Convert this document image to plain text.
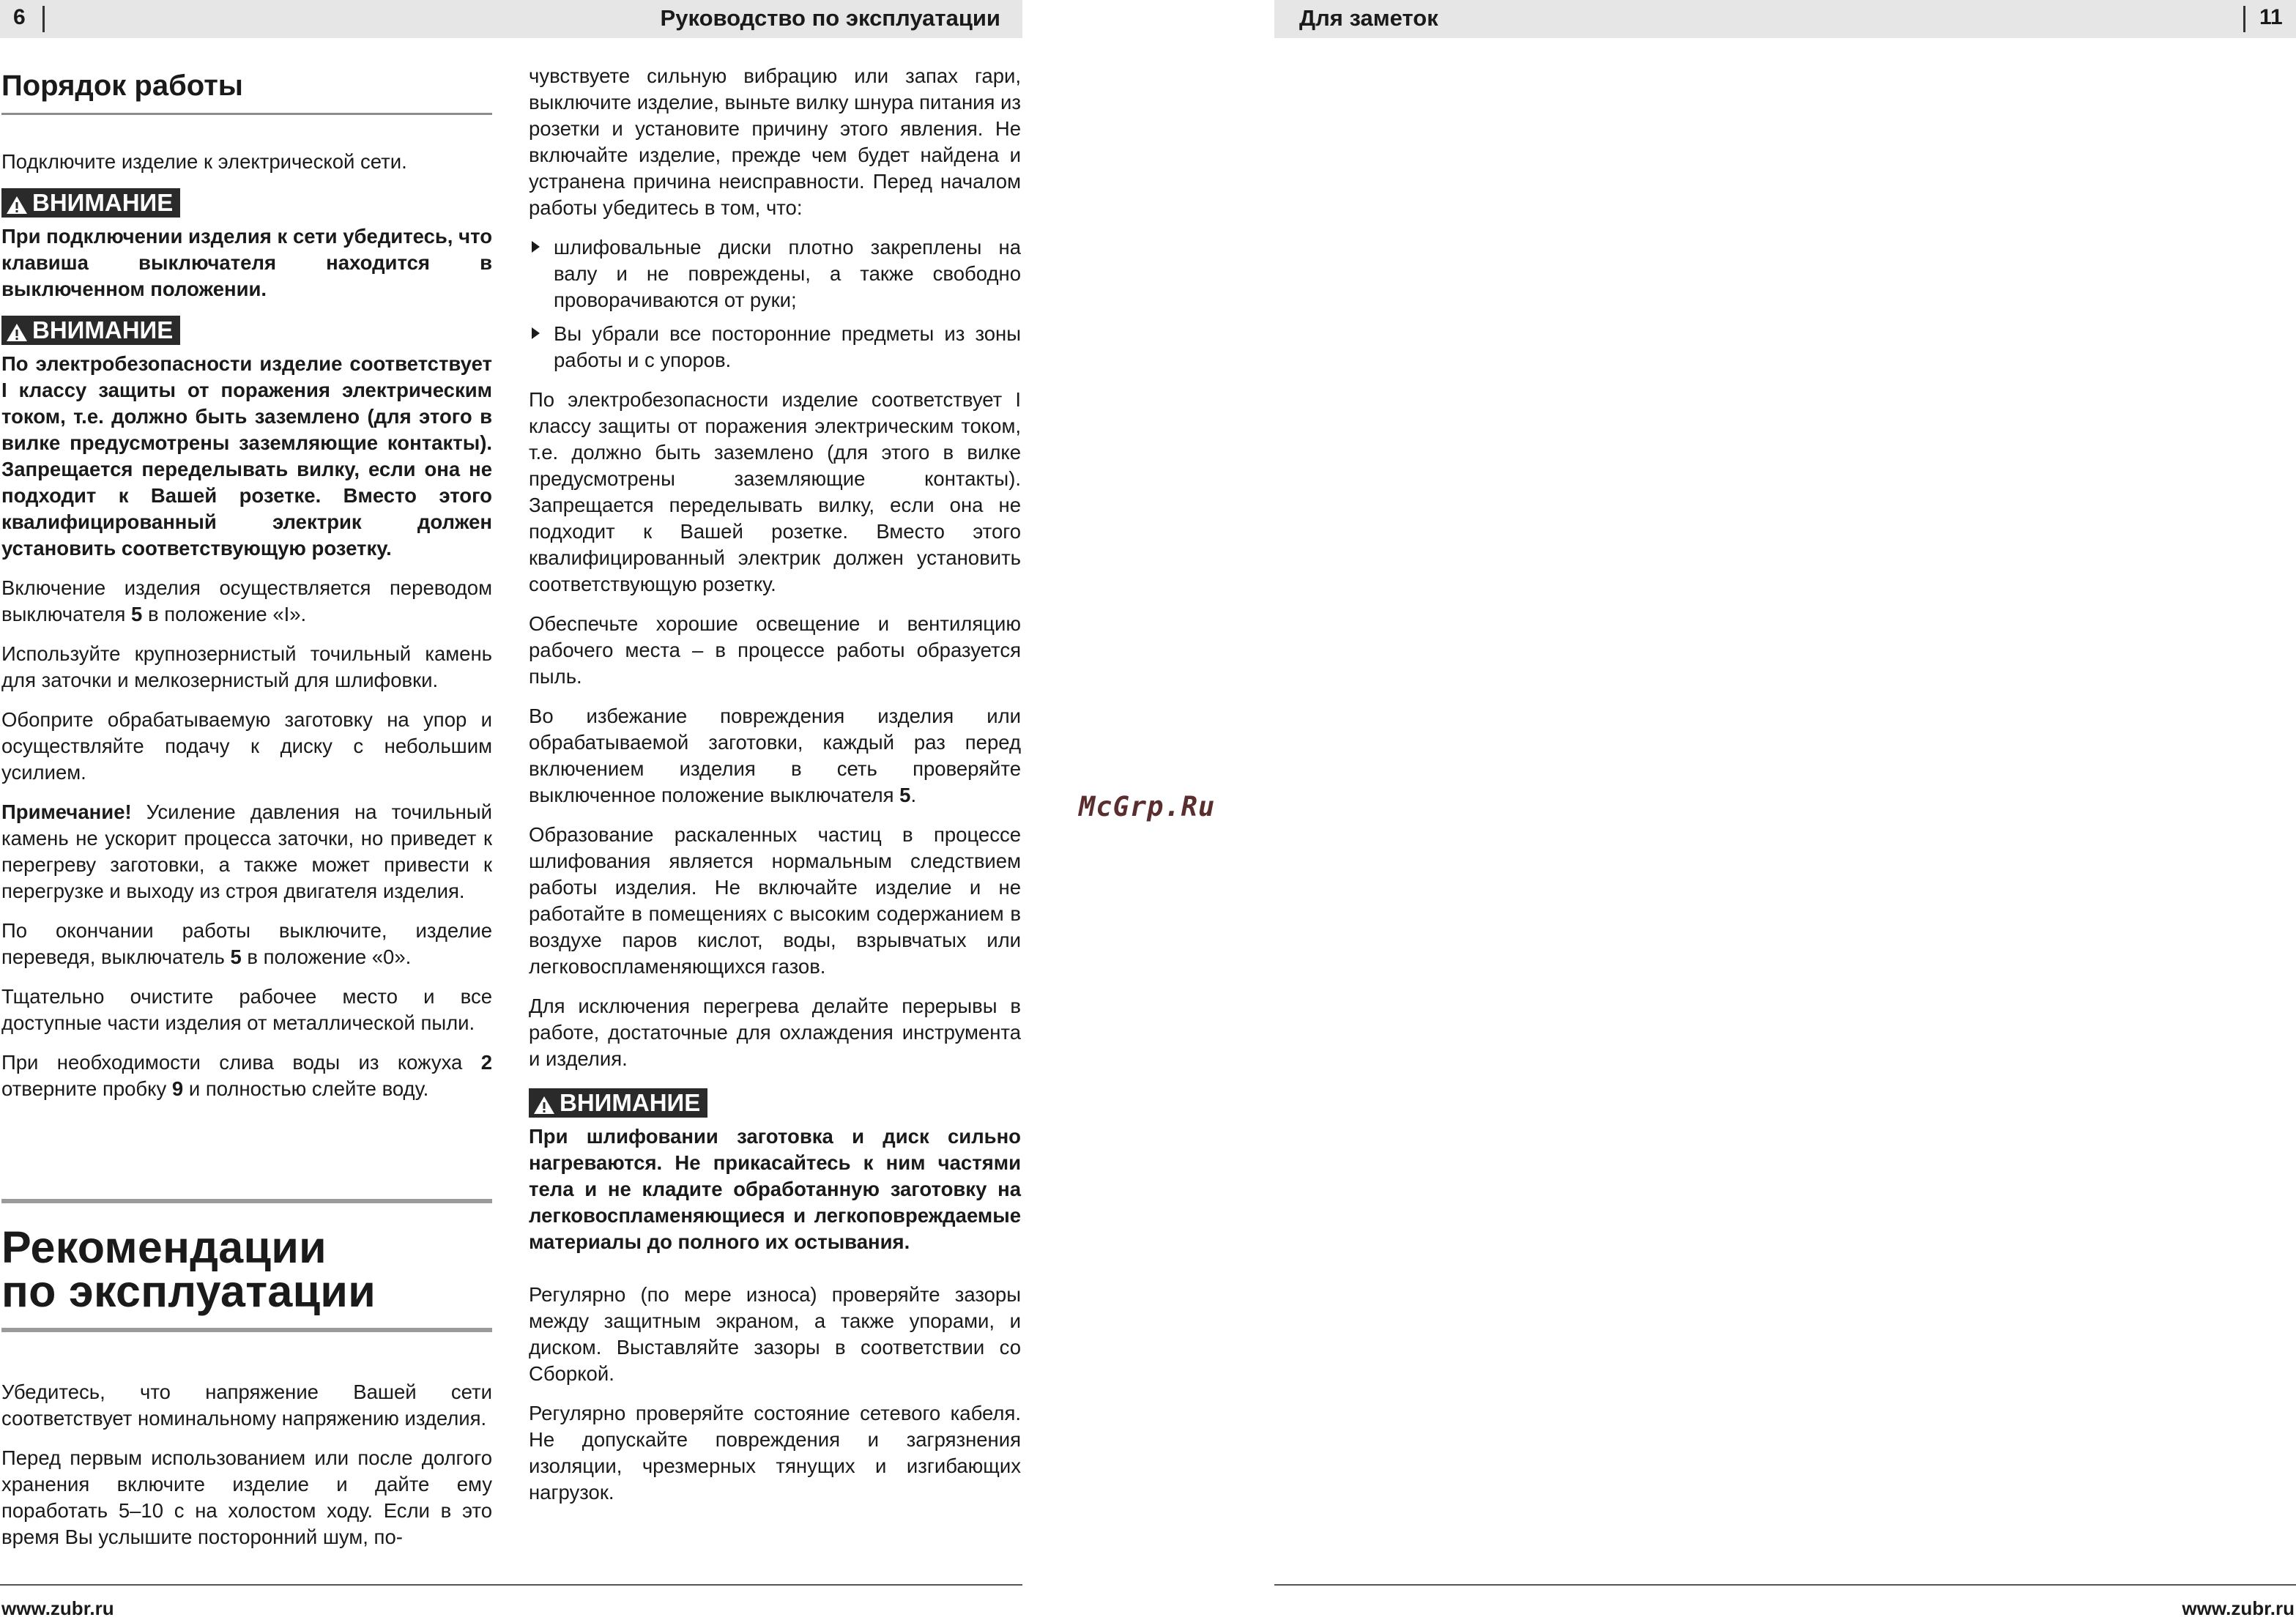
6	Руководство по эксплуатации
Порядок работы

Подключите изделие к электрической сети.

ВНИМАНИЕ

При подключении изделия к сети убедитесь, что клавиша выключателя находится в выключенном положении.

ВНИМАНИЕ

По электробезопасности изделие соответствует I классу защиты от поражения электрическим током, т.е. должно быть заземлено (для этого в вилке предусмотрены заземляющие контакты). Запрещается переделывать вилку, если она не подходит к Вашей розетке. Вместо этого квалифицированный электрик должен установить соответствующую розетку.

Включение изделия осуществляется переводом выключателя 5 в положение «I».

Используйте крупнозернистый точильный камень для заточки и мелкозернистый для шлифовки.

Обоприте обрабатываемую заготовку на упор и осуществляйте подачу к диску с небольшим усилием.

Примечание! Усиление давления на точильный камень не ускорит процесса заточки, но приведет к перегреву заготовки, а также может привести к перегрузке и выходу из строя двигателя изделия.

По окончании работы выключите, изделие переведя, выключатель 5 в положение «0».

Тщательно очистите рабочее место и все доступные части изделия от металлической пыли.

При необходимости слива воды из кожуха 2 отверните пробку 9 и полностью слейте воду.

Рекомендации
по эксплуатации

Убедитесь, что напряжение Вашей сети соответствует номинальному напряжению изделия.

Перед первым использованием или после долгого хранения включите изделие и дайте ему поработать 5–10 с на холостом ходу. Если в это время Вы услышите посторонний шум, по-

чувствуете сильную вибрацию или запах гари, выключите изделие, выньте вилку шнура питания из розетки и установите причину этого явления. Не включайте изделие, прежде чем будет найдена и устранена причина неисправности. Перед началом работы убедитесь в том, что:

шлифовальные диски плотно закреплены на валу и не повреждены, а также свободно проворачиваются от руки;
Вы убрали все посторонние предметы из зоны работы и с упоров.

По электробезопасности изделие соответствует I классу защиты от поражения электрическим током, т.е. должно быть заземлено (для этого в вилке предусмотрены заземляющие контакты). Запрещается переделывать вилку, если она не подходит к Вашей розетке. Вместо этого квалифицированный электрик должен установить соответствующую розетку.

Обеспечьте хорошие освещение и вентиляцию рабочего места – в процессе работы образуется пыль.

Во избежание повреждения изделия или обрабатываемой заготовки, каждый раз перед включением изделия в сеть проверяйте выключенное положение выключателя 5.

Образование раскаленных частиц в процессе шлифования является нормальным следствием работы изделия. Не включайте изделие и не работайте в помещениях с высоким содержанием в воздухе паров кислот, воды, взрывчатых или легковоспламеняющихся газов.

Для исключения перегрева делайте перерывы в работе, достаточные для охлаждения инструмента и изделия.

ВНИМАНИЕ

При шлифовании заготовка и диск сильно нагреваются. Не прикасайтесь к ним частями тела и не кладите обработанную заготовку на легковоспламеняющиеся и легкоповреждаемые материалы до полного их остывания.

Регулярно (по мере износа) проверяйте зазоры между защитным экраном, а также упорами, и диском. Выставляйте зазоры в соответствии со Сборкой.

Регулярно проверяйте состояние сетевого кабеля. Не допускайте повреждения и загрязнения изоляции, чрезмерных тянущих и изгибающих нагрузок.

www.zubr.ru
McGrp.Ru
Для заметок	11
www.zubr.ru
